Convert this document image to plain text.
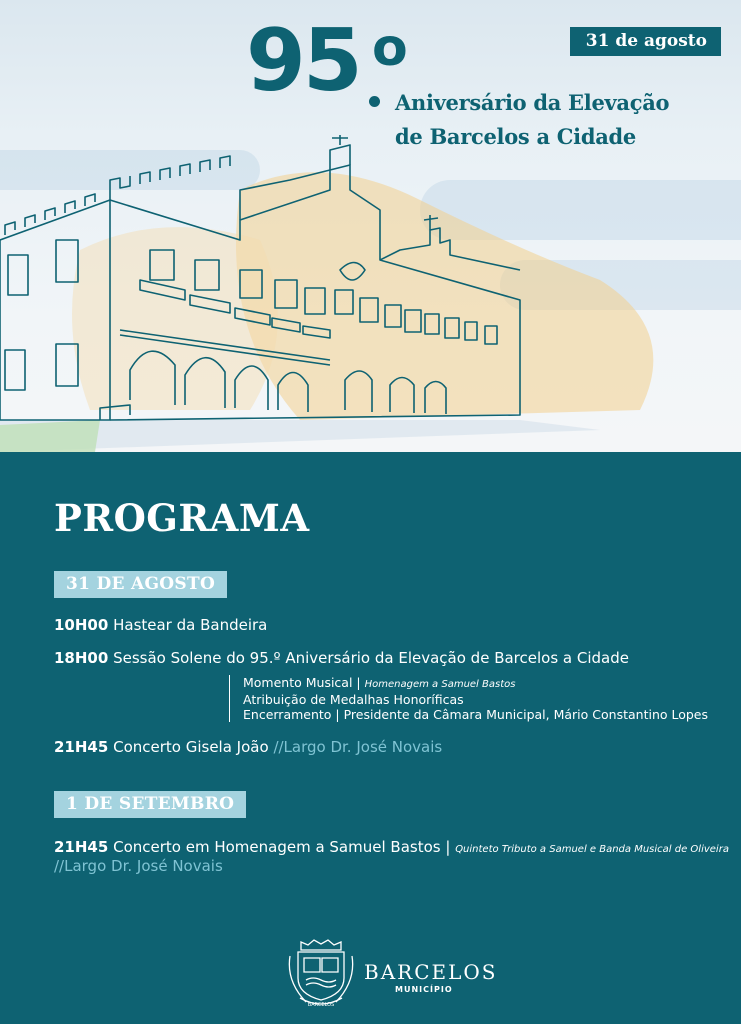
31 de agosto
95 o
Aniversário da Elevação
de Barcelos a Cidade
PROGRAMA
31 DE AGOSTO
10H00 Hastear da Bandeira
18H00 Sessão Solene do 95.º Aniversário da Elevação de Barcelos a Cidade
Momento Musical | Homenagem a Samuel Bastos
Atribuição de Medalhas Honoríficas
Encerramento | Presidente da Câmara Municipal, Mário Constantino Lopes
21H45 Concerto Gisela João //Largo Dr. José Novais
1 DE SETEMBRO
21H45 Concerto em Homenagem a Samuel Bastos | Quinteto Tributo a Samuel e Banda Musical de Oliveira
//Largo Dr. José Novais
BARCELOS
BARCELOS
MUNICÍPIO
